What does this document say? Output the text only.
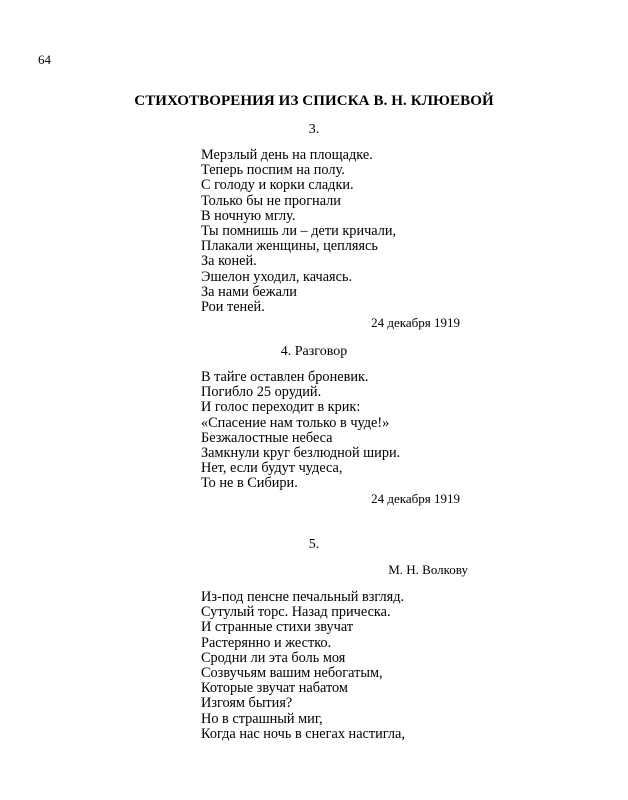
64
СТИХОТВОРЕНИЯ ИЗ СПИСКА В. Н. КЛЮЕВОЙ
3.
Мерзлый день на площадке.
Теперь поспим на полу.
С голоду и корки сладки.
Только бы не прогнали
В ночную мглу.
Ты помнишь ли – дети кричали,
Плакали женщины, цепляясь
За коней.
Эшелон уходил, качаясь.
За нами бежали
Рои теней.
24 декабря 1919
4. Разговор
В тайге оставлен броневик.
Погибло 25 орудий.
И голос переходит в крик:
«Спасение нам только в чуде!»
Безжалостные небеса
Замкнули круг безлюдной шири.
Нет, если будут чудеса,
То не в Сибири.
24 декабря 1919
5.
М. Н. Волкову
Из-под пенсне печальный взгляд.
Сутулый торс. Назад прическа.
И странные стихи звучат
Растерянно и жестко.
Сродни ли эта боль моя
Созвучьям вашим небогатым,
Которые звучат набатом
Изгоям бытия?
Но в страшный миг,
Когда нас ночь в снегах настигла,
